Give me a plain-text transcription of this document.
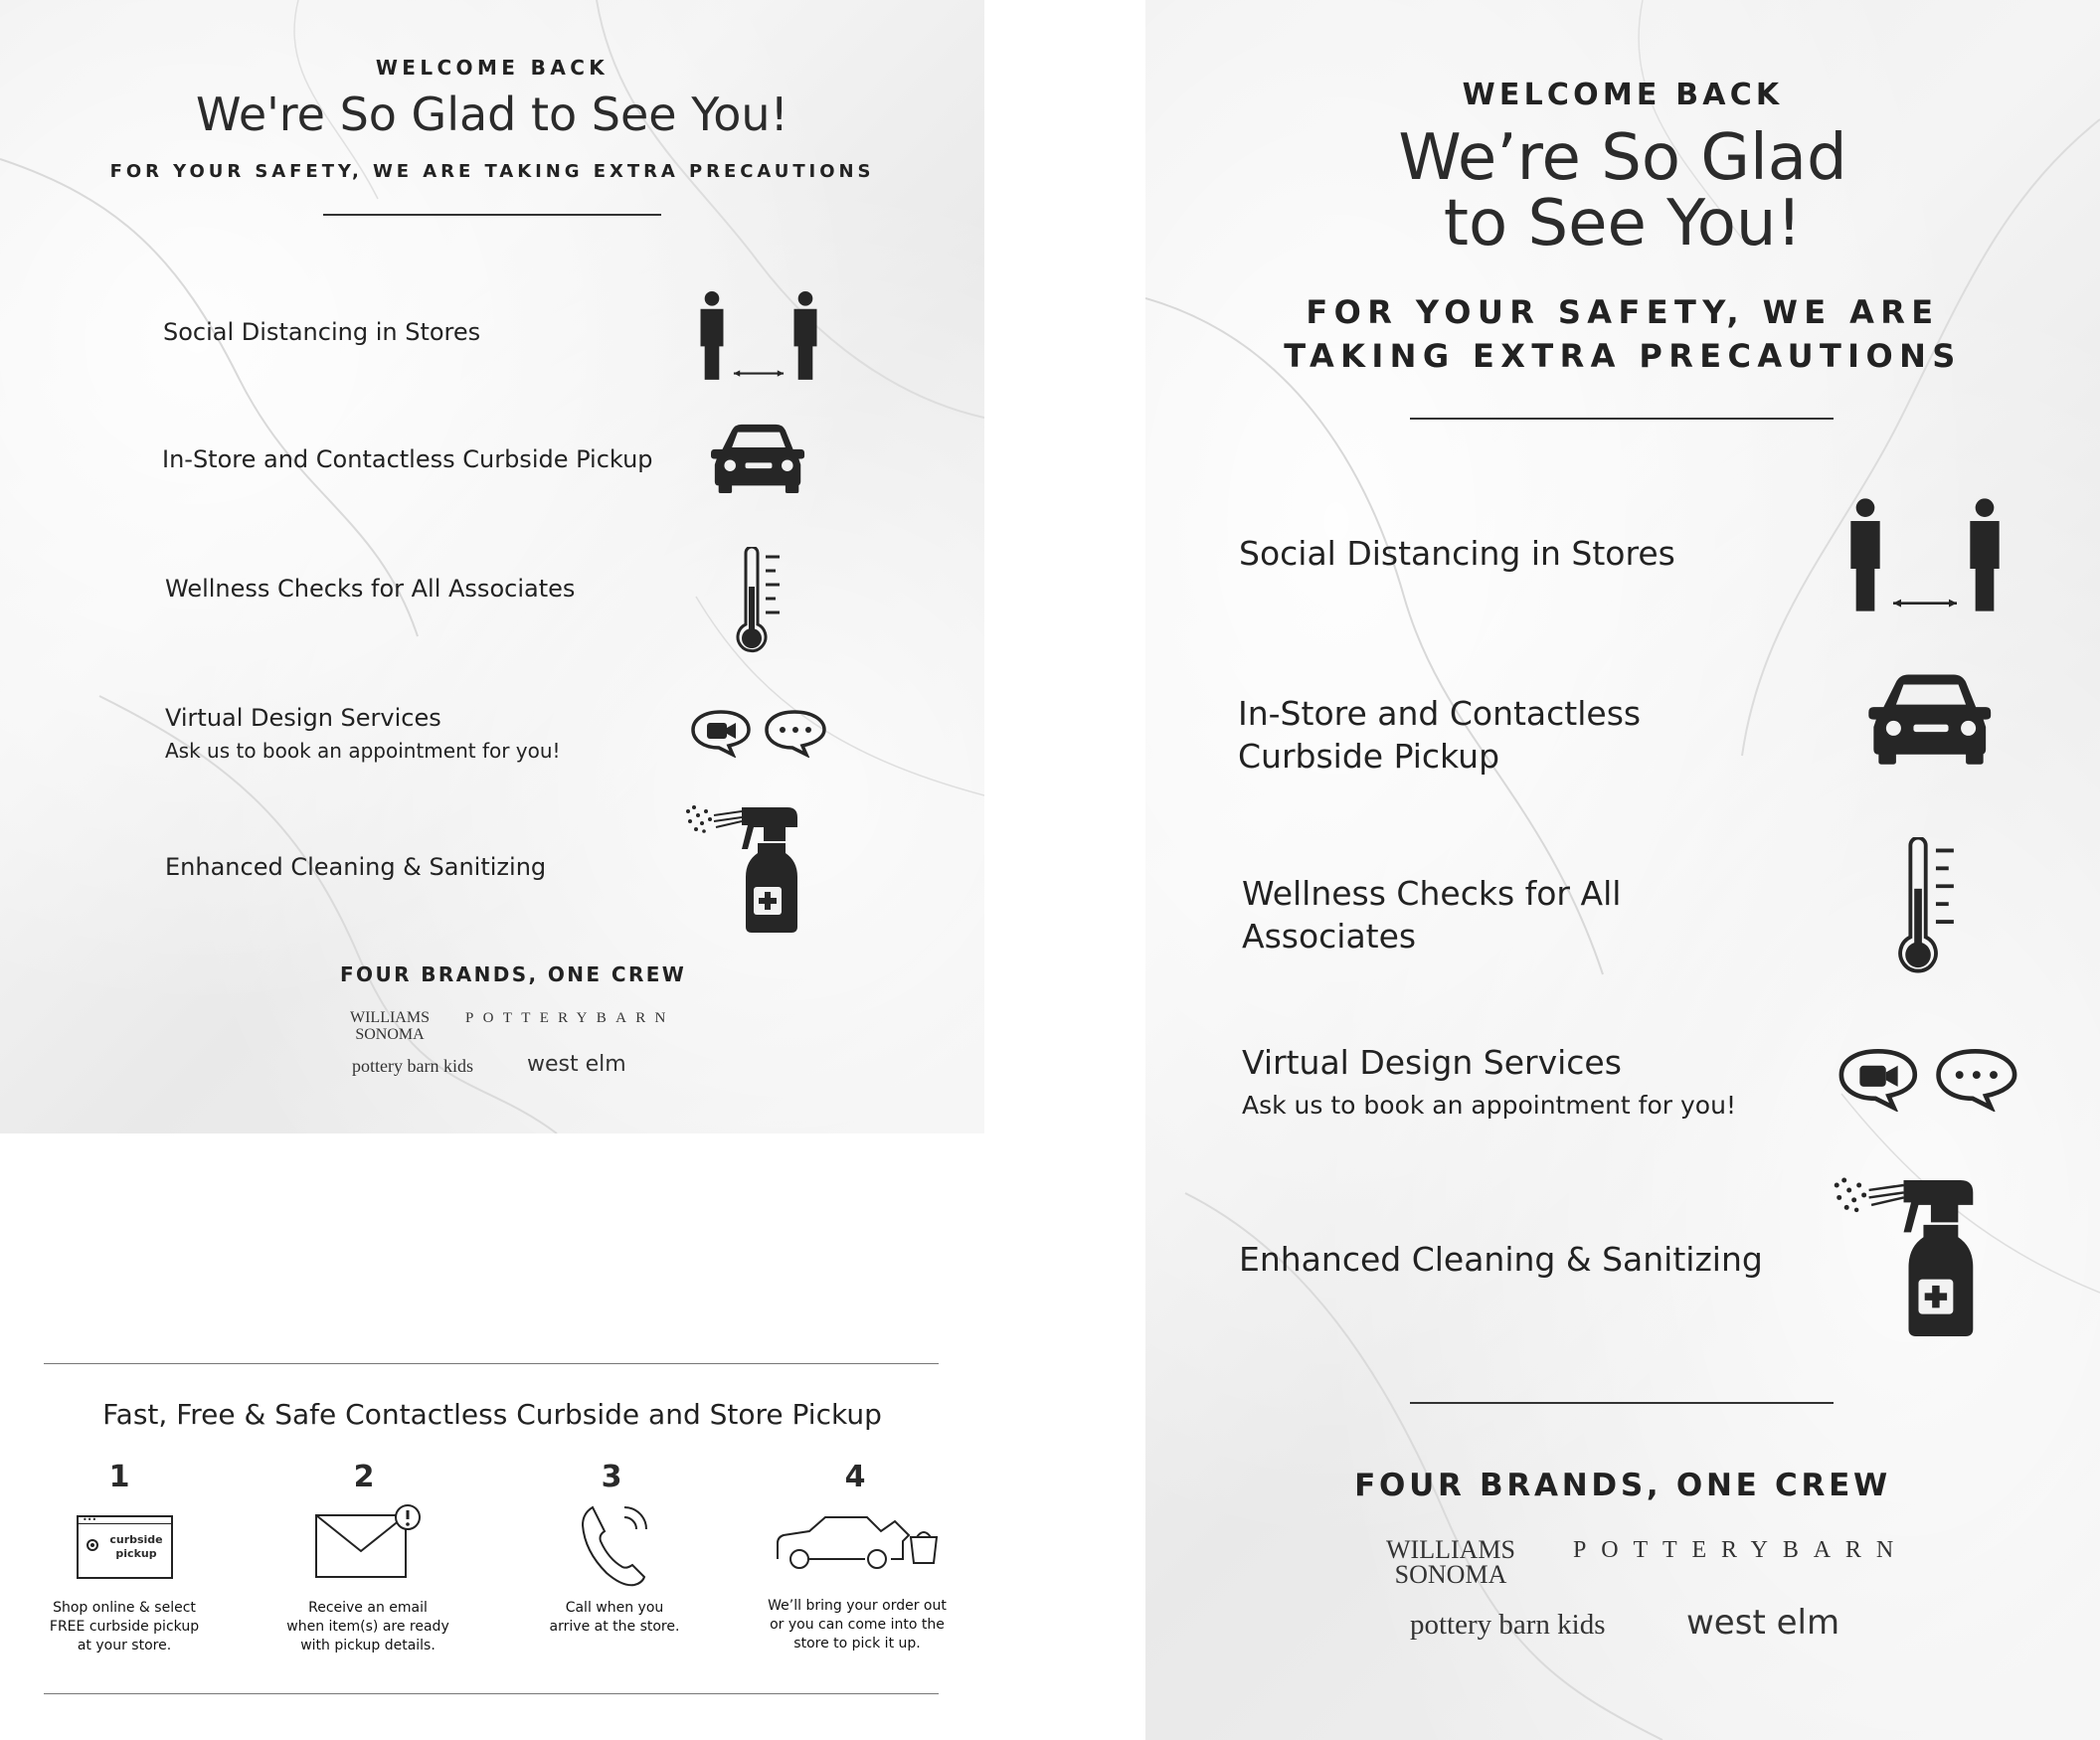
WELCOME BACK
We're So Glad to See You!
FOR YOUR SAFETY, WE ARE TAKING EXTRA PRECAUTIONS
Social Distancing in Stores
In-Store and Contactless Curbside Pickup
Wellness Checks for All Associates
Virtual Design Services
Ask us to book an appointment for you!
Enhanced Cleaning & Sanitizing
FOUR BRANDS, ONE CREW
WILLIAMS
SONOMA
POTTERYBARN
pottery barn kids west elm
Fast, Free & Safe Contactless Curbside and Store Pickup
1
•••
curbside
pickup
Shop online & select
FREE curbside pickup
at your store.
2
Receive an email
when item(s) are ready
with pickup details.
3
Call when you
arrive at the store.
4
We’ll bring your order out
or you can come into the
store to pick it up.
WELCOME BACK
We’re So Glad
to See You!
FOR YOUR SAFETY, WE ARE
TAKING EXTRA PRECAUTIONS
Social Distancing in Stores
In-Store and Contactless
Curbside Pickup
Wellness Checks for All
Associates
Virtual Design Services
Ask us to book an appointment for you!
Enhanced Cleaning & Sanitizing
FOUR BRANDS, ONE CREW
WILLIAMS
SONOMA
POTTERYBARN
pottery barn kids west elm
